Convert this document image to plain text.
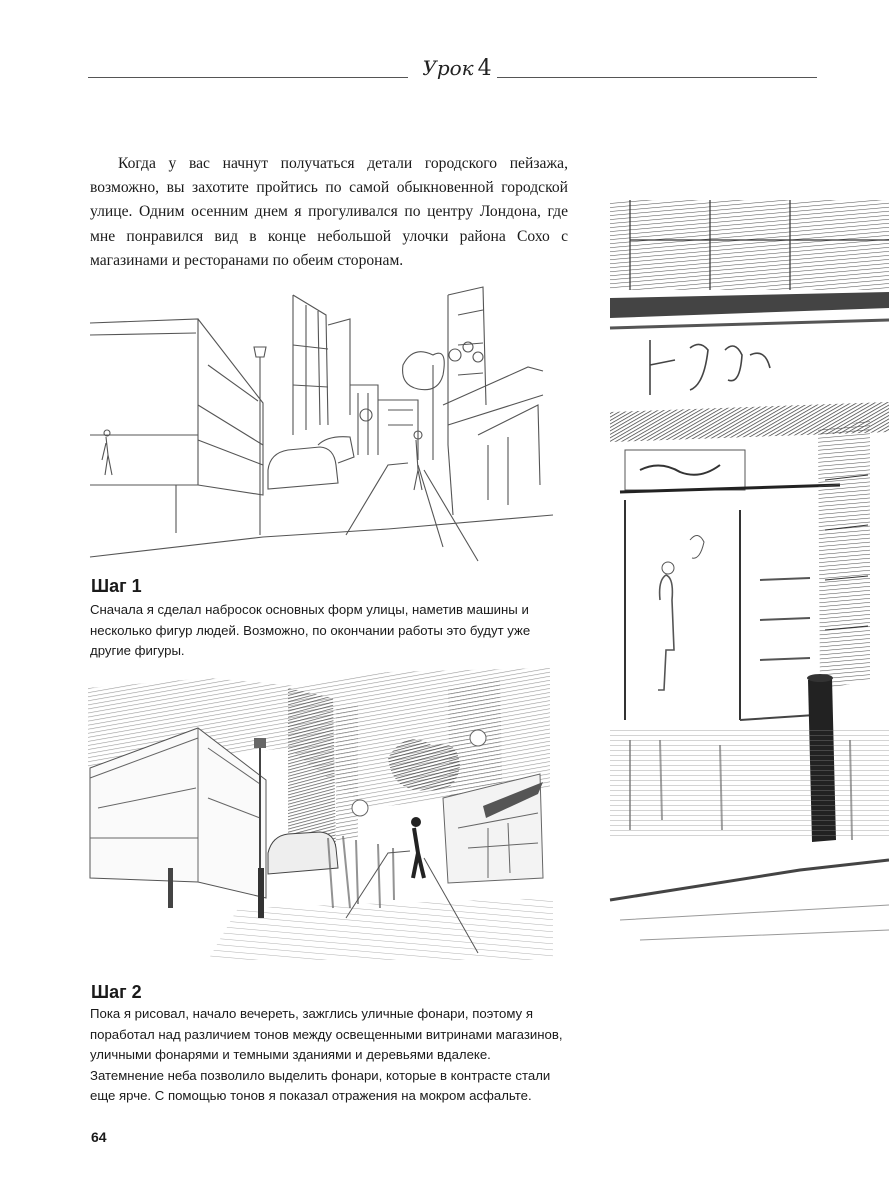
Урок 4

Когда у вас начнут получаться детали городского пейзажа, возможно, вы захотите пройтись по самой обыкновенной городской улице. Одним осенним днем я прогуливался по центру Лондона, где мне понравился вид в конце небольшой улочки района Сохо с магазинами и ресторанами по обеим сторонам.

Шаг 1

Сначала я сделал набросок основных форм улицы, наметив машины и несколько фигур людей. Возможно, по окончании работы это будут уже другие фигуры.

Шаг 2

Пока я рисовал, начало вечереть, зажглись уличные фонари, поэтому я поработал над различием тонов между освещенными витринами магазинов, уличными фонарями и темными зданиями и деревьями вдалеке. Затемнение неба позволило выделить фонари, которые в контрасте стали еще ярче. С помощью тонов я показал отражения на мокром асфальте.

64
